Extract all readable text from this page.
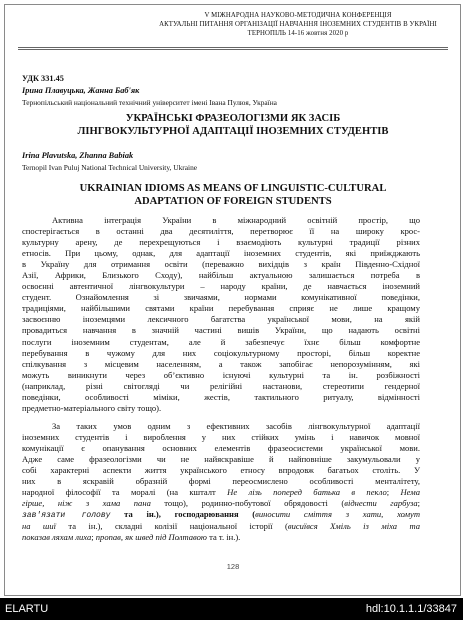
V МІЖНАРОДНА НАУКОВО-МЕТОДИЧНА КОНФЕРЕНЦІЯ
АКТУАЛЬНІ ПИТАННЯ ОРГАНІЗАЦІЇ НАВЧАННЯ ІНОЗЕМНИХ СТУДЕНТІВ В УКРАЇНІ
ТЕРНОПІЛЬ 14-16 жовтня 2020 р
УДК 331.45
Ірина Плавуцька, Жанна Баб'як
Тернопільський національний технічний університет імені Івана Пулюя, Україна
УКРАЇНСЬКІ ФРАЗЕОЛОГІЗМИ ЯК ЗАСІБ
ЛІНГВОКУЛЬТУРНОЇ АДАПТАЦІЇ ІНОЗЕМНИХ СТУДЕНТІВ
Irina Plavutska, Zhanna Babiak
Ternopil Ivan Puluj National Technical University, Ukraine
UKRAINIAN IDIOMS AS MEANS OF LINGUISTIC-CULTURAL
ADAPTATION OF FOREIGN STUDENTS

Активна інтеграція України в міжнародний освітній простір, що
спостерігається в останні два десятиліття, перетворює її на широку крос-
культурну арену, де перехрещуються і взаємодіють культурні традиції різних
етносів. При цьому, однак, для адаптації іноземних студентів, які приїжджають
в Україну для отримання освіти (переважно вихідців з країн Південно-Східної
Азії, Африки, Близького Сходу), найбільш актуальною залишається потреба в
освоєнні автентичної лінгвокультури – народу країни, де навчається іноземний
студент. Ознайомлення зі звичаями, нормами комунікативної поведінки,
традиціями, найбільшими святами країни перебування сприяє не лише кращому
засвоєнню іноземцями лексичного багатства української мови, на якій
провадиться навчання в значній частині вишів України, що надають освітні
послуги іноземним студентам, але й забезпечує їхнє більш комфортне
перебування в чужому для них соціокультурному просторі, більш коректне
спілкування з місцевим населенням, а також запобігає непорозумінням, які
можуть виникнути через об’єктивно існуючі культурні та ін. розбіжності
(наприклад, різні світогляді чи релігійні настанови, стереотипи гендерної
поведінки, особливості міміки, жестів, тактильного ритуалу, відмінності
предметно-матеріального світу тощо).

За таких умов одним з ефективних засобів лінгвокультурної адаптації
іноземних студентів і вироблення у них стійких умінь і навичок мовної
комунікації є опанування основних елементів фразеосистеми української мови.
Адже саме фразеологізми чи не найяскравіше й найповніше закумульовали у
собі характерні аспекти життя українського етносу впродовж багатьох століть. У
них в яскравій образній формі переосмислено особливості менталітету,
народної філософії та моралі (на кшталт Не лізь поперед батька в пекло; Нема
гірше, ніж з хама пана тощо), родинно-побутової обрядовості (віднести гарбуза;
зав'язати голову та ін.), господарювання (виносити сміття з хати, хомут
на шиї та ін.), складні колізії національної історії (висиївся Хміль із міха та
показав ляхам лиха; пропав, як швед під Полтавою та т. ін.).

128
ELARTU	hdl:10.1.1.1/33847
